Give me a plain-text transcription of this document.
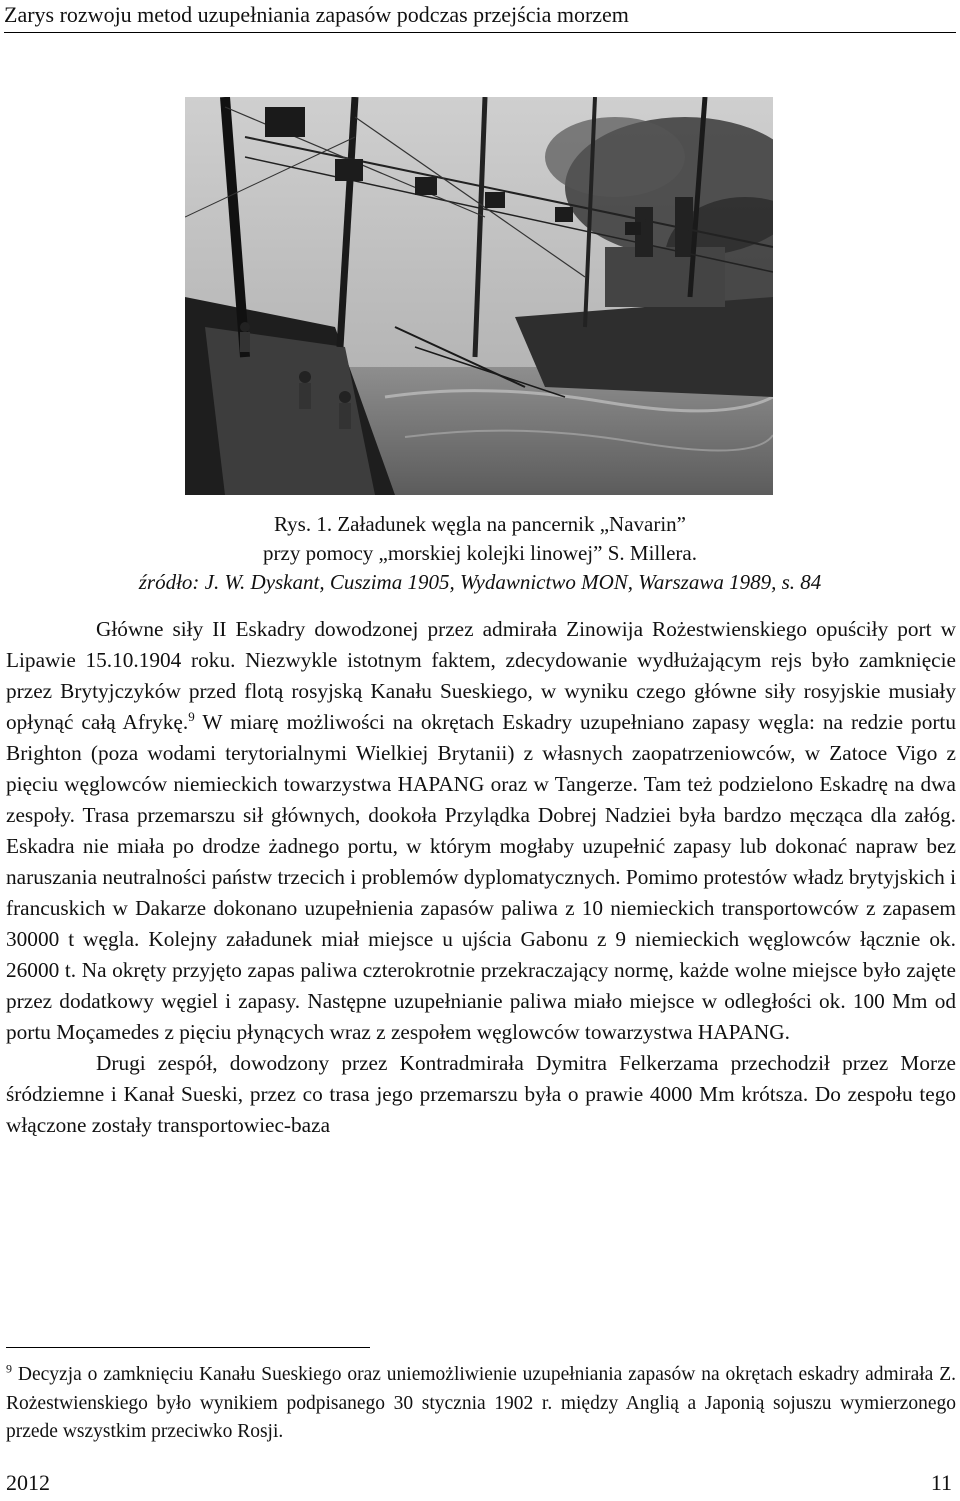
Zarys rozwoju metod uzupełniania zapasów podczas przejścia morzem
Rys. 1. Załadunek węgla na pancernik „Navarin”
przy pomocy „morskiej kolejki linowej” S. Millera.
źródło: J. W. Dyskant, Cuszima 1905, Wydawnictwo MON, Warszawa 1989, s. 84

Główne siły II Eskadry dowodzonej przez admirała Zinowija Rożestwienskiego opuściły port w Lipawie 15.10.1904 roku. Niezwykle istotnym faktem, zdecydowanie wydłużającym rejs było zamknięcie przez Brytyjczyków przed flotą rosyjską Kanału Sueskiego, w wyniku czego główne siły rosyjskie musiały opłynąć całą Afrykę.$^9$ W miarę możliwości na okrętach Eskadry uzupełniano zapasy węgla: na redzie portu Brighton (poza wodami terytorialnymi Wielkiej Brytanii) z własnych zaopatrzeniowców, w Zatoce Vigo z pięciu węglowców niemieckich towarzystwa HAPANG oraz w Tangerze. Tam też podzielono Eskadrę na dwa zespoły. Trasa przemarszu sił głównych, dookoła Przylądka Dobrej Nadziei była bardzo męcząca dla załóg. Eskadra nie miała po drodze żadnego portu, w którym mogłaby uzupełnić zapasy lub dokonać napraw bez naruszania neutralności państw trzecich i problemów dyplomatycznych. Pomimo protestów władz brytyjskich i francuskich w Dakarze dokonano uzupełnienia zapasów paliwa z 10 niemieckich transportowców z zapasem 30000 t węgla. Kolejny załadunek miał miejsce u ujścia Gabonu z 9 niemieckich węglowców łącznie ok. 26000 t. Na okręty przyjęto zapas paliwa czterokrotnie przekraczający normę, każde wolne miejsce było zajęte przez dodatkowy węgiel i zapasy. Następne uzupełnianie paliwa miało miejsce w odległości ok. 100 Mm od portu Moçamedes z pięciu płynących wraz z zespołem węglowców towarzystwa HAPANG.

Drugi zespół, dowodzony przez Kontradmirała Dymitra Felkerzama przechodził przez Morze śródziemne i Kanał Sueski, przez co trasa jego przemarszu była o prawie 4000 Mm krótsza. Do zespołu tego włączone zostały transportowiec-baza

$^9$ Decyzja o zamknięciu Kanału Sueskiego oraz uniemożliwienie uzupełniania zapasów na okrętach eskadry admirała Z. Rożestwienskiego było wynikiem podpisanego 30 stycznia 1902 r. między Anglią a Japonią sojuszu wymierzonego przede wszystkim przeciwko Rosji.
2012	11
